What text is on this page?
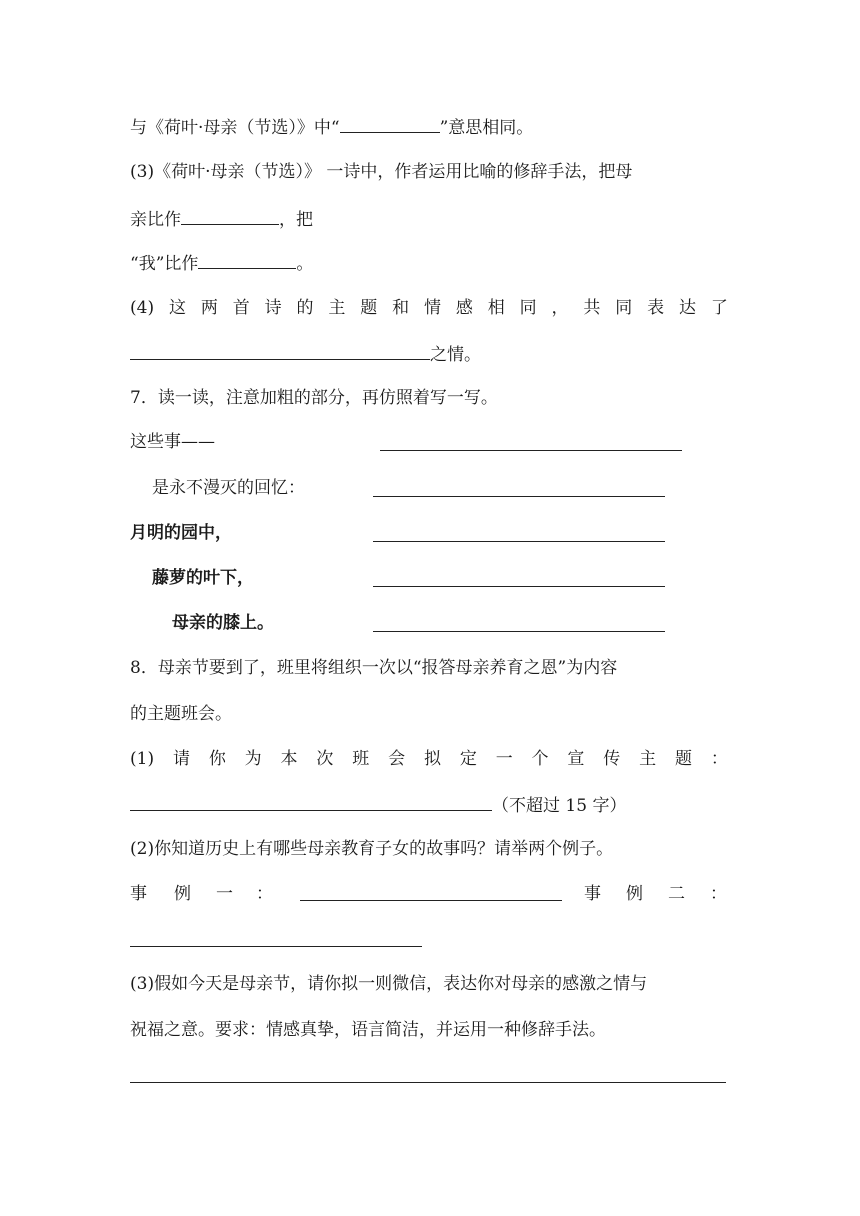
与《荷叶·母亲（节选）》中“	”意思相同。
(3)《荷叶·母亲（节选）》 一诗中，作者运用比喻的修辞手法，把母
亲比作	，把
“我”比作	。
(4) 这 两 首 诗 的 主 题 和 情 感 相 同 ， 共 同 表 达 了
之情。
7．读一读，注意加粗的部分，再仿照着写一写。
这些事——
是永不漫灭的回忆：
月明的园中，
藤萝的叶下，
母亲的膝上。
8．母亲节要到了，班里将组织一次以“报答母亲养育之恩”为内容
的主题班会。
(1) 请 你 为 本 次 班 会 拟 定 一 个 宣 传 主 题 ：
（不超过 15 字）
(2)你知道历史上有哪些母亲教育子女的故事吗？请举两个例子。
事 例 一 ：	事 例 二 ：
(3)假如今天是母亲节，请你拟一则微信，表达你对母亲的感激之情与
祝福之意。要求：情感真挚，语言简洁，并运用一种修辞手法。
